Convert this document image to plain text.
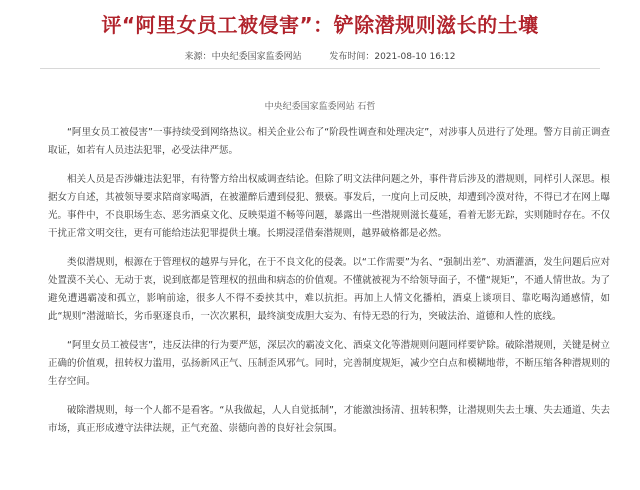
评“阿里女员工被侵害”：铲除潜规则滋长的土壤
来源：中央纪委国家监委网站	发布时间：2021-08-10 16:12
中央纪委国家监委网站 石哲

“阿里女员工被侵害”一事持续受到网络热议。相关企业公布了“阶段性调查和处理决定”，对涉事人员进行了处理。警方目前正调查取证，如若有人员违法犯罪，必受法律严惩。

相关人员是否涉嫌违法犯罪，有待警方给出权威调查结论。但除了明文法律问题之外，事件背后涉及的潜规则，同样引人深思。根据女方自述，其被领导要求陪商家喝酒，在被灌醉后遭到侵犯、猥亵。事发后，一度向上司反映，却遭到冷漠对待，不得已才在网上曝光。事件中，不良职场生态、恶劣酒桌文化、反映渠道不畅等问题，暴露出一些潜规则滋长蔓延，看着无影无踪，实则随时存在。不仅干扰正常文明交往，更有可能给违法犯罪提供土壤。长期浸淫借秦潜规则，越界破格都是必然。

类似潜规则，根源在于管理权的越界与异化，在于不良文化的侵袭。以“工作需要”为名、“强制出差”、劝酒灌酒，发生问题后应对处置漠不关心、无动于衷，说到底都是管理权的扭曲和病态的价值观。不懂就被视为不给领导面子，不懂“规矩”，不通人情世故。为了避免遭遇霸凌和孤立，影响前途，很多人不得不委挟其中，难以抗拒。再加上人情文化播柏，酒桌上谈项目、靠吃喝沟通感情，如此“规则”潜滋暗长，劣币驱逐良币，一次次累积，最终演变成胆大妄为、有恃无恐的行为，突破法治、道德和人性的底线。

“阿里女员工被侵害”，违反法律的行为要严惩，深层次的霸凌文化、酒桌文化等潜规则问题同样要铲除。破除潜规则，关键是树立正确的价值观，扭转权力滥用，弘扬新风正气、压制歪风邪气。同时，完善制度规矩，减少空白点和模糊地带，不断压缩各种潜规则的生存空间。

破除潜规则，每一个人都不是看客。“从我做起，人人自觉抵制”，才能激浊扬清、扭转积弊，让潜规则失去土壤、失去通道、失去市场，真正形成遵守法律法规，正气充盈、崇德向善的良好社会氛围。
